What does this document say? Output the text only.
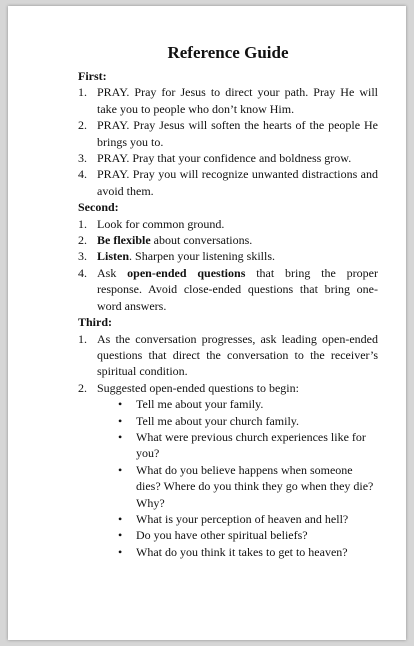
Reference Guide
First:
1. PRAY. Pray for Jesus to direct your path. Pray He will take you to people who don’t know Him.
2. PRAY. Pray Jesus will soften the hearts of the people He brings you to.
3. PRAY. Pray that your confidence and boldness grow.
4. PRAY. Pray you will recognize unwanted distractions and avoid them.
Second:
1. Look for common ground.
2. Be flexible about conversations.
3. Listen. Sharpen your listening skills.
4. Ask open-ended questions that bring the proper response. Avoid close-ended questions that bring one-word answers.
Third:
1. As the conversation progresses, ask leading open-ended questions that direct the conversation to the receiver’s spiritual condition.
2. Suggested open-ended questions to begin:
• Tell me about your family.
• Tell me about your church family.
• What were previous church experiences like for you?
• What do you believe happens when someone dies? Where do you think they go when they die? Why?
• What is your perception of heaven and hell?
• Do you have other spiritual beliefs?
• What do you think it takes to get to heaven?
